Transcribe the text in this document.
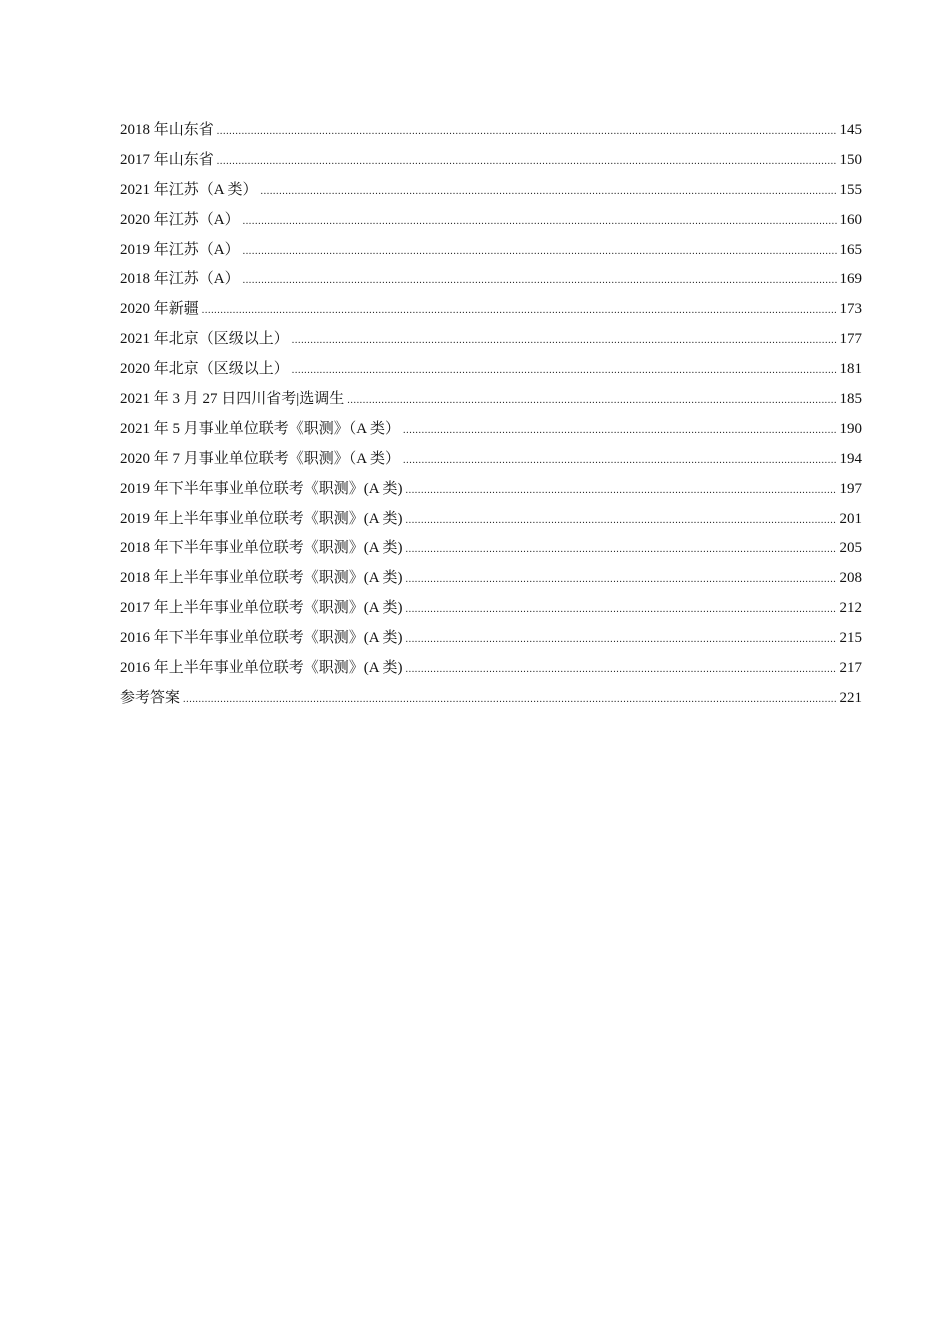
2018 年山东省 .....	145
2017 年山东省 .....	150
2021 年江苏（A 类） .....	155
2020 年江苏（A） .....	160
2019 年江苏（A） .....	165
2018 年江苏（A） .....	169
2020 年新疆 .....	173
2021 年北京（区级以上） .....	177
2020 年北京（区级以上） .....	181
2021 年 3 月 27 日四川省考|选调生 .....	185
2021 年 5 月事业单位联考《职测》（A 类） .....	190
2020 年 7 月事业单位联考《职测》（A 类） .....	194
2019 年下半年事业单位联考《职测》(A 类) .....	197
2019 年上半年事业单位联考《职测》(A 类) .....	201
2018 年下半年事业单位联考《职测》(A 类) .....	205
2018 年上半年事业单位联考《职测》(A 类) .....	208
2017 年上半年事业单位联考《职测》(A 类) .....	212
2016 年下半年事业单位联考《职测》(A 类) .....	215
2016 年上半年事业单位联考《职测》(A 类) .....	217
参考答案 .....	221
